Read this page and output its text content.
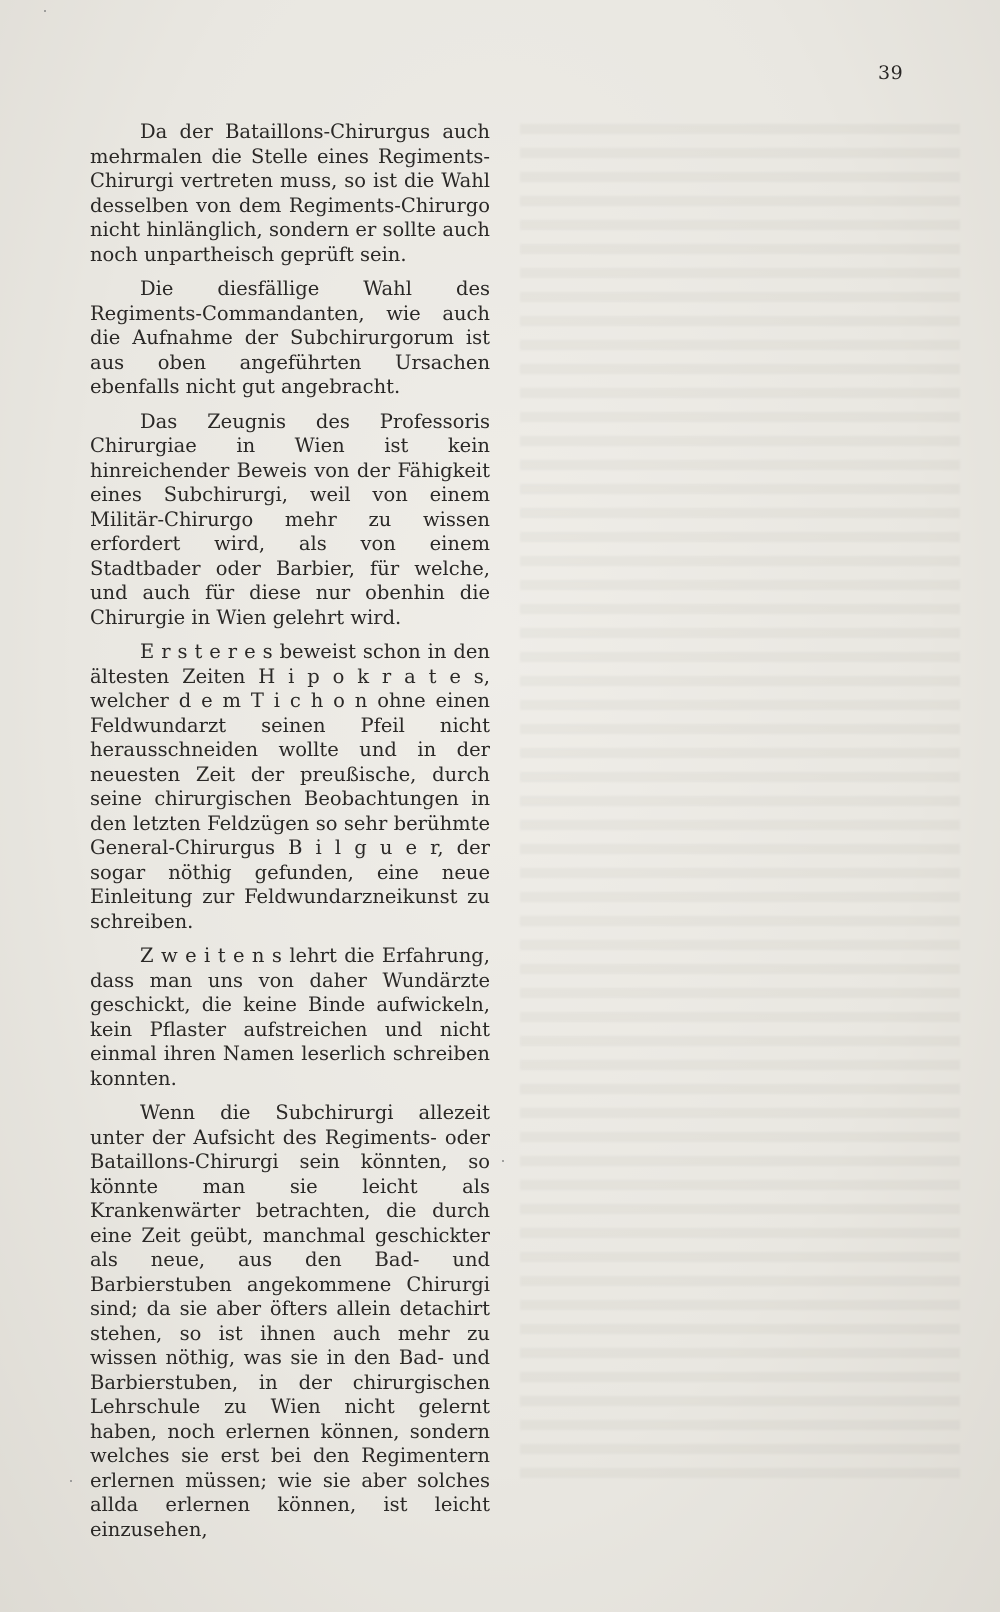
39

Da der Bataillons-Chirurgus auch mehrmalen die Stelle eines Regiments-Chirurgi vertreten muss, so ist die Wahl desselben von dem Regiments-Chirurgo nicht hinlänglich, sondern er sollte auch noch unpartheisch geprüft sein.

Die diesfällige Wahl des Regiments-Commandanten, wie auch die Aufnahme der Subchirurgorum ist aus oben angeführten Ursachen ebenfalls nicht gut angebracht.

Das Zeugnis des Professoris Chirurgiae in Wien ist kein hinreichender Beweis von der Fähigkeit eines Subchirurgi, weil von einem Militär-Chirurgo mehr zu wissen erfordert wird, als von einem Stadtbader oder Barbier, für welche, und auch für diese nur obenhin die Chirurgie in Wien gelehrt wird.

E r s t e r e s beweist schon in den ältesten Zeiten H i p o k r a t e s, welcher d e m T i c h o n ohne einen Feldwundarzt seinen Pfeil nicht herausschneiden wollte und in der neuesten Zeit der preußische, durch seine chirurgischen Beobachtungen in den letzten Feldzügen so sehr berühmte General-Chirurgus B i l g u e r, der sogar nöthig gefunden, eine neue Einleitung zur Feldwundarzneikunst zu schreiben.

Z w e i t e n s lehrt die Erfahrung, dass man uns von daher Wundärzte geschickt, die keine Binde aufwickeln, kein Pflaster aufstreichen und nicht einmal ihren Namen leserlich schreiben konnten.

Wenn die Subchirurgi allezeit unter der Aufsicht des Regiments- oder Bataillons-Chirurgi sein könnten, so könnte man sie leicht als Krankenwärter betrachten, die durch eine Zeit geübt, manchmal geschickter als neue, aus den Bad- und Barbierstuben angekommene Chirurgi sind; da sie aber öfters allein detachirt stehen, so ist ihnen auch mehr zu wissen nöthig, was sie in den Bad- und Barbierstuben, in der chirurgischen Lehrschule zu Wien nicht gelernt haben, noch erlernen können, sondern welches sie erst bei den Regimentern erlernen müssen; wie sie aber solches allda erlernen können, ist leicht einzusehen,
